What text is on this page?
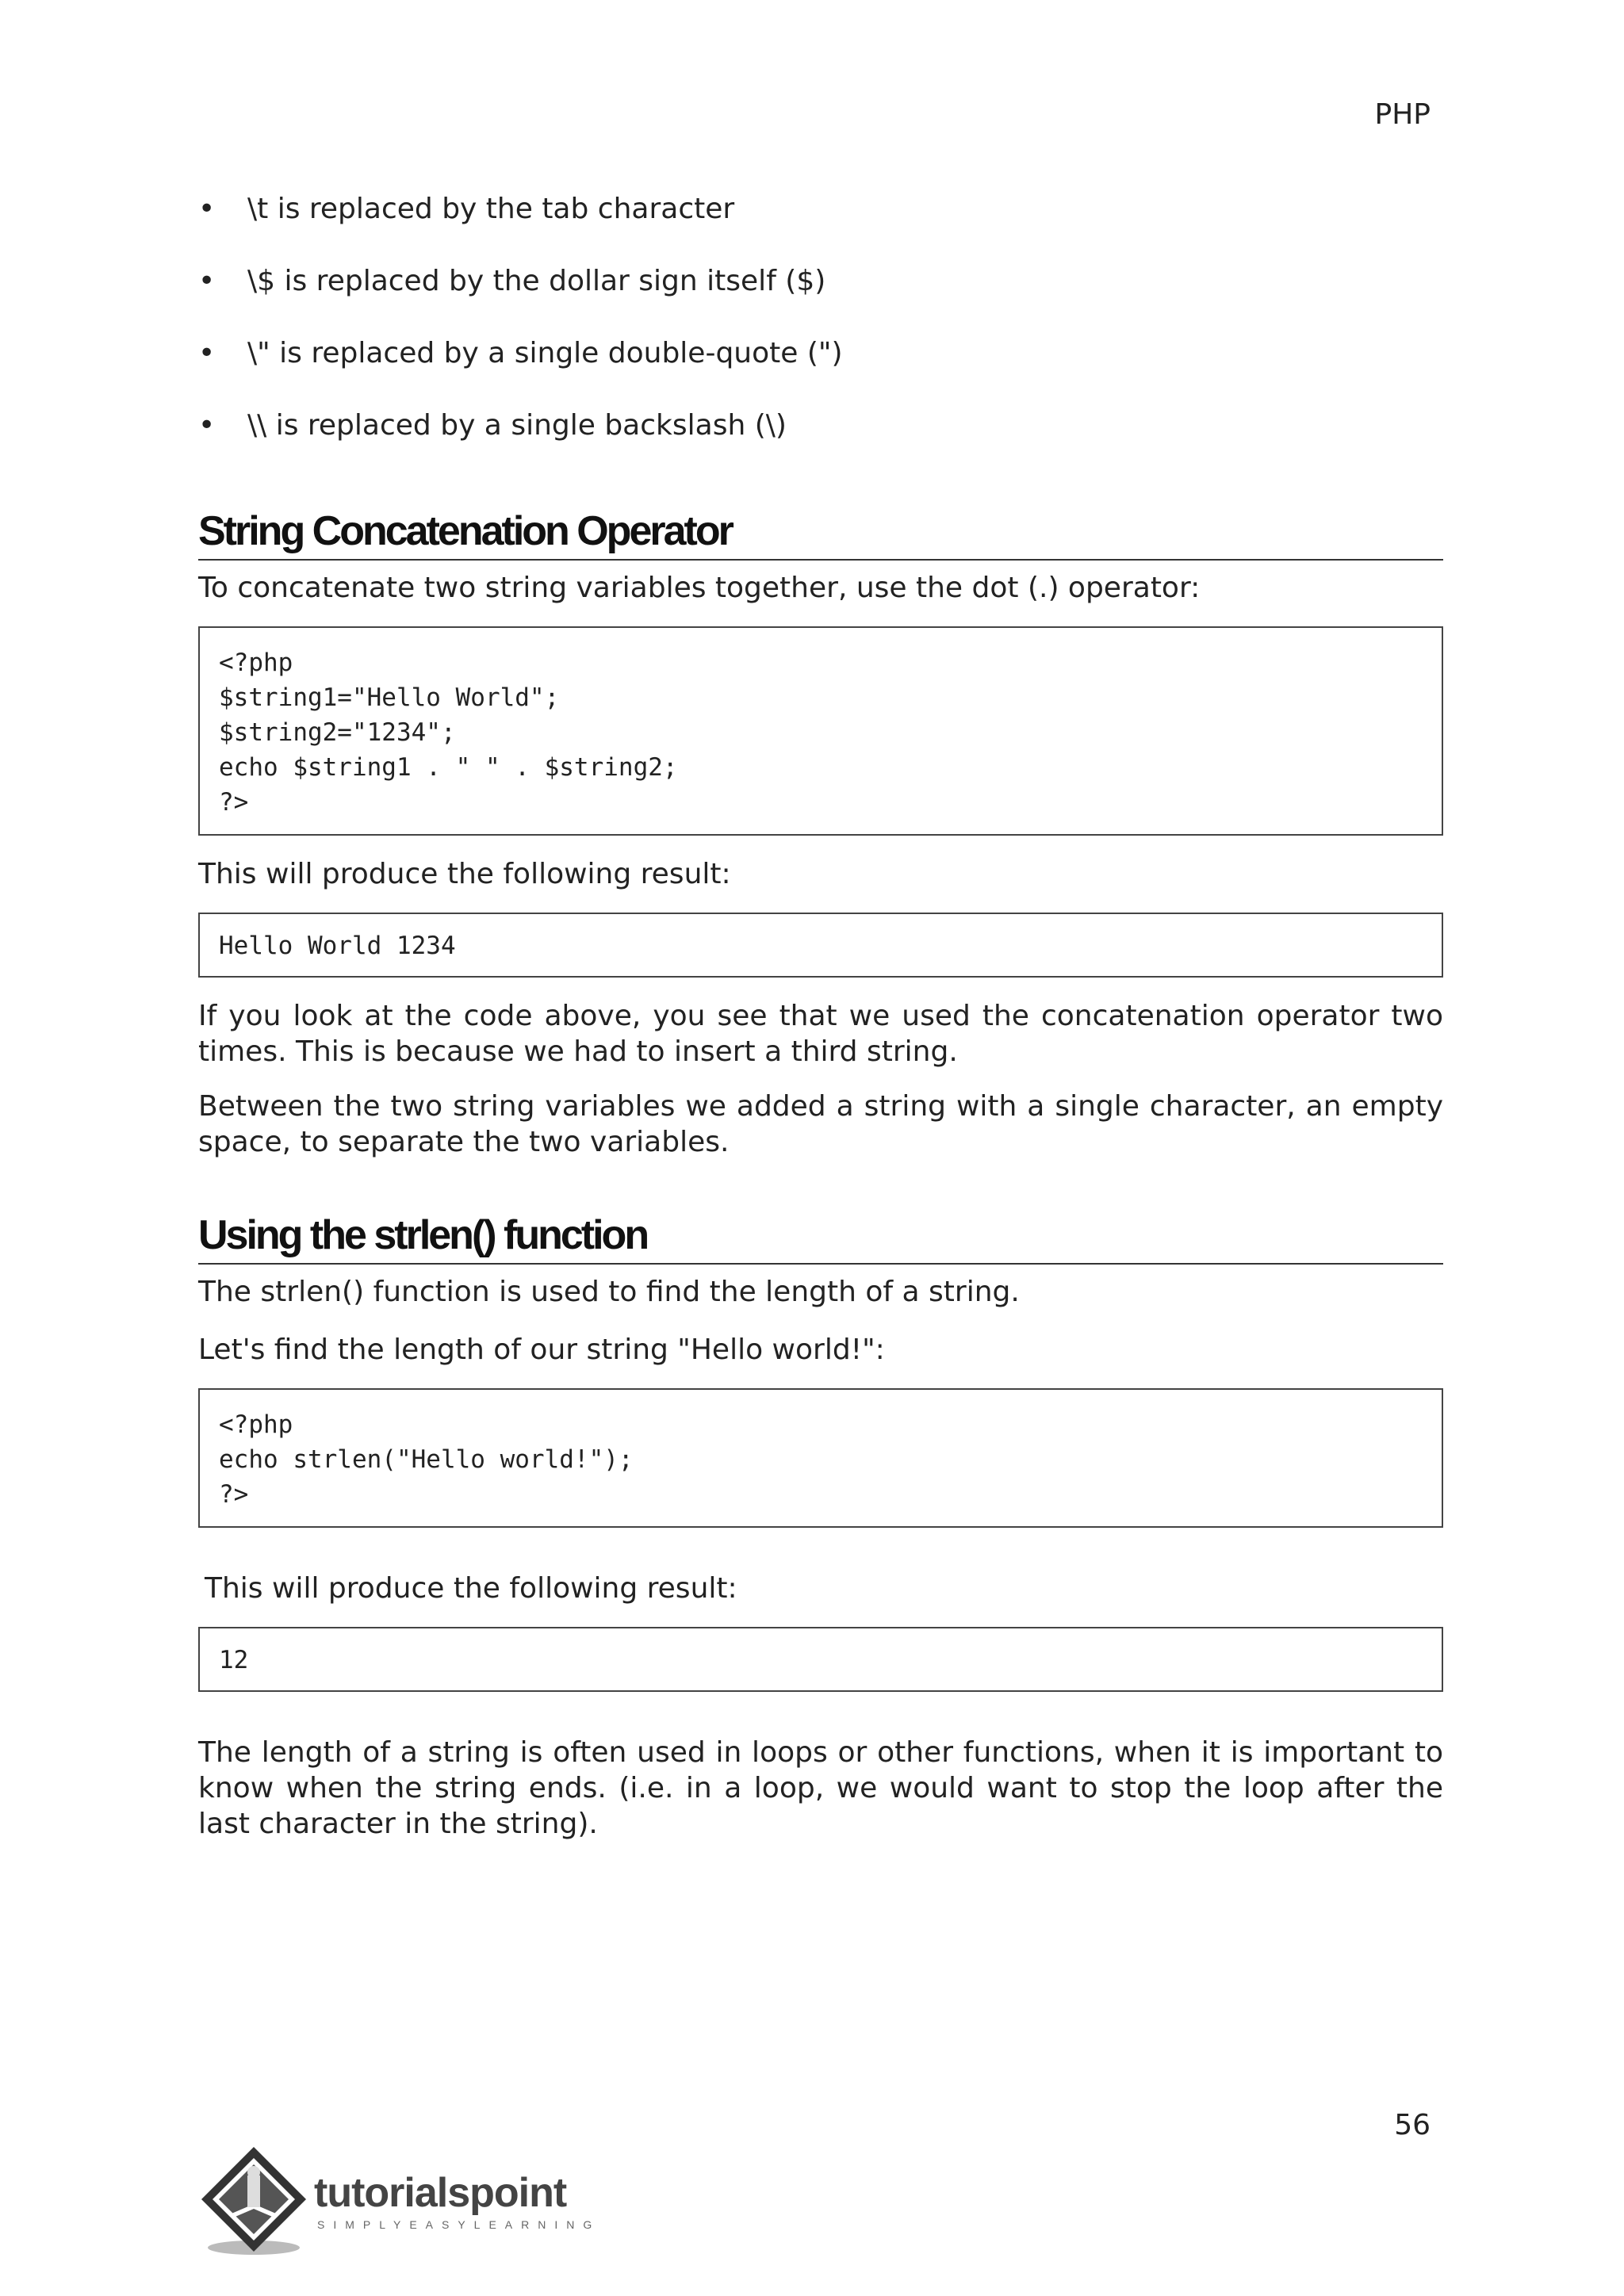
PHP
• \t is replaced by the tab character
• \$ is replaced by the dollar sign itself ($)
• \" is replaced by a single double-quote (")
• \\ is replaced by a single backslash (\)
String Concatenation Operator

To concatenate two string variables together, use the dot (.) operator:

<?php
$string1="Hello World";
$string2="1234";
echo $string1 . " " . $string2;
?>

This will produce the following result:

Hello World 1234

If you look at the code above, you see that we used the concatenation operator two times. This is because we had to insert a third string.

Between the two string variables we added a string with a single character, an empty space, to separate the two variables.

Using the strlen() function

The strlen() function is used to find the length of a string.

Let's find the length of our string "Hello world!":

<?php
echo strlen("Hello world!");
?>

This will produce the following result:

12

The length of a string is often used in loops or other functions, when it is important to know when the string ends. (i.e. in a loop, we would want to stop the loop after the last character in the string).

56
tutorialspoint
SIMPLYEASYLEARNING
